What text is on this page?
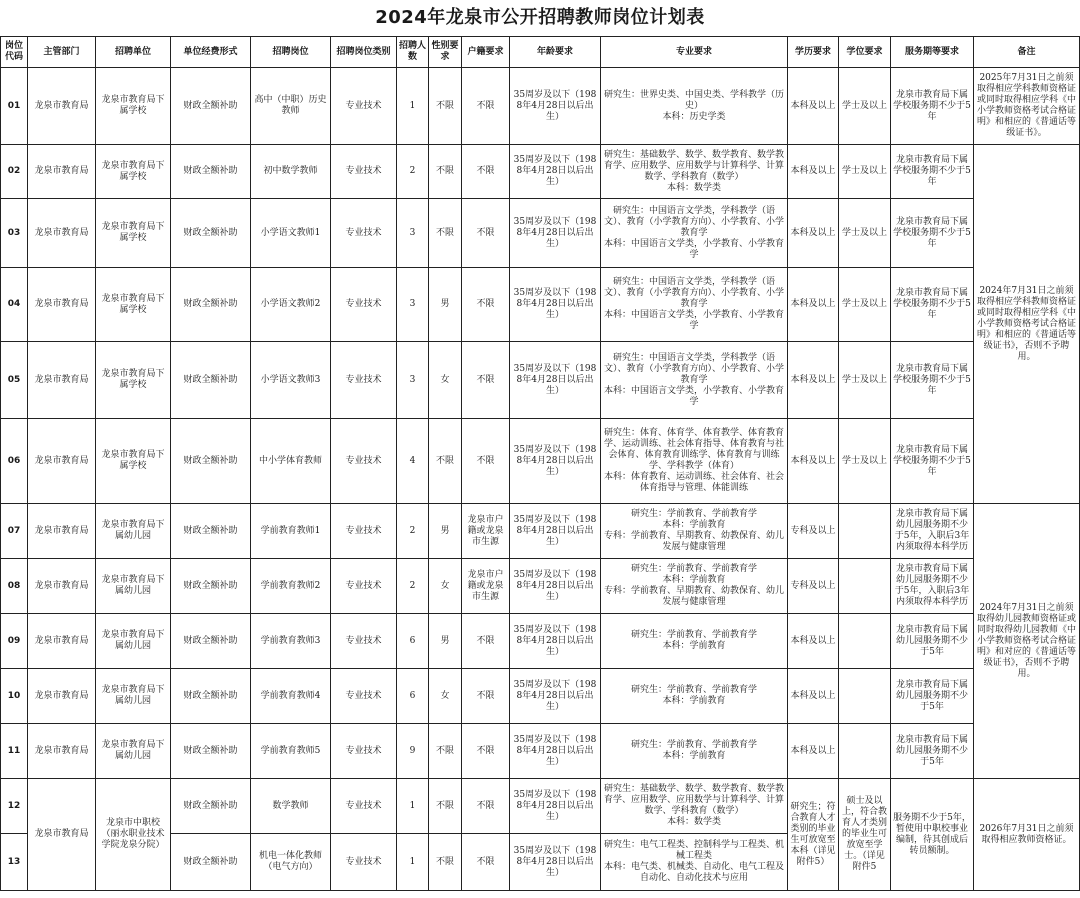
2024年龙泉市公开招聘教师岗位计划表
岗位代码	主管部门	招聘单位	单位经费形式	招聘岗位	招聘岗位类别	招聘人数	性别要求	户籍要求	年龄要求	专业要求	学历要求	学位要求	服务期等要求	备注
01	龙泉市教育局	龙泉市教育局下属学校	财政全额补助	高中（中职）历史教师	专业技术	1	不限	不限	35周岁及以下（1988年4月28日以后出生）	研究生：世界史类、中国史类、学科教学（历史）
本科：历史学类	本科及以上	学士及以上	龙泉市教育局下属学校服务期不少于5年	2025年7月31日之前须取得相应学科教师资格证或同时取得相应学科《中小学教师资格考试合格证明》和相应的《普通话等级证书》。
02	龙泉市教育局	龙泉市教育局下属学校	财政全额补助	初中数学教师	专业技术	2	不限	不限	35周岁及以下（1988年4月28日以后出生）	研究生：基础数学、数学、数学教育、数学教育学、应用数学、应用数学与计算科学、计算数学、学科教育（数学）
本科：数学类	本科及以上	学士及以上	龙泉市教育局下属学校服务期不少于5年	2024年7月31日之前须取得相应学科教师资格证或同时取得相应学科《中小学教师资格考试合格证明》和相应的《普通话等级证书》，否则不予聘用。
03	龙泉市教育局	龙泉市教育局下属学校	财政全额补助	小学语文教师1	专业技术	3	不限	不限	35周岁及以下（1988年4月28日以后出生）	研究生：中国语言文学类，学科教学（语文）、教育（小学教育方向）、小学教育、小学教育学
本科：中国语言文学类，小学教育、小学教育学	本科及以上	学士及以上	龙泉市教育局下属学校服务期不少于5年	
04	龙泉市教育局	龙泉市教育局下属学校	财政全额补助	小学语文教师2	专业技术	3	男	不限	35周岁及以下（1988年4月28日以后出生）	研究生：中国语言文学类，学科教学（语文）、教育（小学教育方向）、小学教育、小学教育学
本科：中国语言文学类，小学教育、小学教育学	本科及以上	学士及以上	龙泉市教育局下属学校服务期不少于5年	
05	龙泉市教育局	龙泉市教育局下属学校	财政全额补助	小学语文教师3	专业技术	3	女	不限	35周岁及以下（1988年4月28日以后出生）	研究生：中国语言文学类，学科教学（语文）、教育（小学教育方向）、小学教育、小学教育学
本科：中国语言文学类，小学教育、小学教育学	本科及以上	学士及以上	龙泉市教育局下属学校服务期不少于5年	
06	龙泉市教育局	龙泉市教育局下属学校	财政全额补助	中小学体育教师	专业技术	4	不限	不限	35周岁及以下（1988年4月28日以后出生）	研究生：体育、体育学、体育教学、体育教育学、运动训练、社会体育指导、体育教育与社会体育、体育教育训练学、体育教育与训练学、学科教学（体育）
本科：体育教育、运动训练、社会体育、社会体育指导与管理、体能训练	本科及以上	学士及以上	龙泉市教育局下属学校服务期不少于5年	
07	龙泉市教育局	龙泉市教育局下属幼儿园	财政全额补助	学前教育教师1	专业技术	2	男	龙泉市户籍或龙泉市生源	35周岁及以下（1988年4月28日以后出生）	研究生：学前教育、学前教育学
本科：学前教育
专科：学前教育、早期教育、幼教保育、幼儿发展与健康管理	专科及以上		龙泉市教育局下属幼儿园服务期不少于5年，入职后3年内须取得本科学历	2024年7月31日之前须取得幼儿园教师资格证或同时取得幼儿园教师《中小学教师资格考试合格证明》和对应的《普通话等级证书》，否则不予聘用。
08	龙泉市教育局	龙泉市教育局下属幼儿园	财政全额补助	学前教育教师2	专业技术	2	女	龙泉市户籍或龙泉市生源	35周岁及以下（1988年4月28日以后出生）	研究生：学前教育、学前教育学
本科：学前教育
专科：学前教育、早期教育、幼教保育、幼儿发展与健康管理	专科及以上		龙泉市教育局下属幼儿园服务期不少于5年，入职后3年内须取得本科学历	
09	龙泉市教育局	龙泉市教育局下属幼儿园	财政全额补助	学前教育教师3	专业技术	6	男	不限	35周岁及以下（1988年4月28日以后出生）	研究生：学前教育、学前教育学
本科：学前教育	本科及以上		龙泉市教育局下属幼儿园服务期不少于5年	
10	龙泉市教育局	龙泉市教育局下属幼儿园	财政全额补助	学前教育教师4	专业技术	6	女	不限	35周岁及以下（1988年4月28日以后出生）	研究生：学前教育、学前教育学
本科：学前教育	本科及以上		龙泉市教育局下属幼儿园服务期不少于5年	
11	龙泉市教育局	龙泉市教育局下属幼儿园	财政全额补助	学前教育教师5	专业技术	9	不限	不限	35周岁及以下（1988年4月28日以后出生）	研究生：学前教育、学前教育学
本科：学前教育	本科及以上		龙泉市教育局下属幼儿园服务期不少于5年	
12	龙泉市教育局	龙泉市中职校（丽水职业技术学院龙泉分院）	财政全额补助	数学教师	专业技术	1	不限	不限	35周岁及以下（1988年4月28日以后出生）	研究生：基础数学、数学、数学教育、数学教育学、应用数学、应用数学与计算科学、计算数学、学科教育（数学）
本科：数学类	研究生；符合教育人才类别的毕业生可放宽至本科（详见附件5）	硕士及以上，符合教育人才类别的毕业生可放宽至学士。（详见附件5	服务期不少于5年，暂使用中职校事业编制，待其创成后转员额制。	2026年7月31日之前须取得相应教师资格证。
13			财政全额补助	机电一体化教师（电气方向）	专业技术	1	不限	不限	35周岁及以下（1988年4月28日以后出生）	研究生：电气工程类、控制科学与工程类、机械工程类
本科：电气类、机械类、自动化、电气工程及自动化、自动化技术与应用				
